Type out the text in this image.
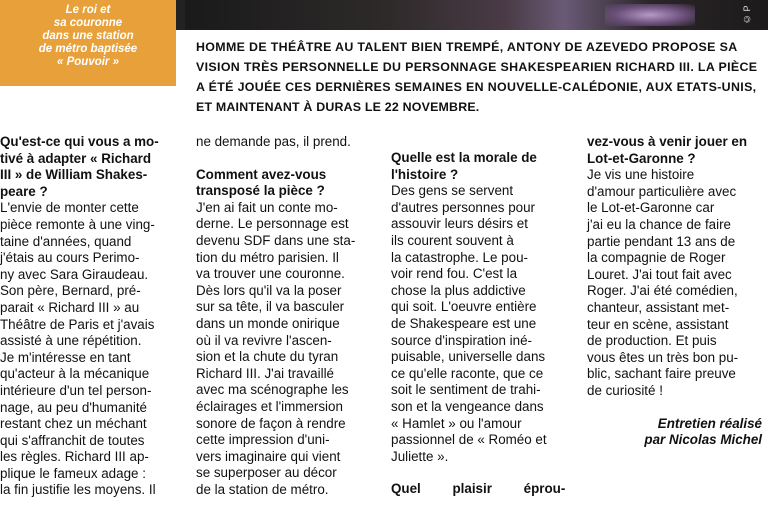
© P
Le roi et
sa couronne
dans une station
de métro baptisée
« Pouvoir »
HOMME DE THÉÂTRE AU TALENT BIEN TREMPÉ, ANTONY DE AZEVEDO PROPOSE SA
VISION TRÈS PERSONNELLE DU PERSONNAGE SHAKESPEARIEN RICHARD III. LA PIÈCE
A ÉTÉ JOUÉE CES DERNIÈRES SEMAINES EN NOUVELLE-CALÉDONIE, AUX ETATS-UNIS,
ET MAINTENANT À DURAS LE 22 NOVEMBRE.
Qu'est-ce qui vous a mo-
tivé à adapter « Richard
III » de William Shakes-
peare ?
L'envie de monter cette
pièce remonte à une ving-
taine d'années, quand
j'étais au cours Perimo-
ny avec Sara Giraudeau.
Son père, Bernard, pré-
parait « Richard III » au
Théâtre de Paris et j'avais
assisté à une répétition.
Je m'intéresse en tant
qu'acteur à la mécanique
intérieure d'un tel person-
nage, au peu d'humanité
restant chez un méchant
qui s'affranchit de toutes
les règles. Richard III ap-
plique le fameux adage :
la fin justifie les moyens. Il
ne demande pas, il prend.
Comment avez-vous
transposé la pièce ?
J'en ai fait un conte mo-
derne. Le personnage est
devenu SDF dans une sta-
tion du métro parisien. Il
va trouver une couronne.
Dès lors qu'il va la poser
sur sa tête, il va basculer
dans un monde onirique
où il va revivre l'ascen-
sion et la chute du tyran
Richard III. J'ai travaillé
avec ma scénographe les
éclairages et l'immersion
sonore de façon à rendre
cette impression d'uni-
vers imaginaire qui vient
se superposer au décor
de la station de métro.
Quelle est la morale de
l'histoire ?
Des gens se servent
d'autres personnes pour
assouvir leurs désirs et
ils courent souvent à
la catastrophe. Le pou-
voir rend fou. C'est la
chose la plus addictive
qui soit. L'oeuvre entière
de Shakespeare est une
source d'inspiration iné-
puisable, universelle dans
ce qu'elle raconte, que ce
soit le sentiment de trahi-
son et la vengeance dans
« Hamlet » ou l'amour
passionnel de « Roméo et
Juliette ».
Quel plaisir éprou-
vez-vous à venir jouer en
Lot-et-Garonne ?
Je vis une histoire
d'amour particulière avec
le Lot-et-Garonne car
j'ai eu la chance de faire
partie pendant 13 ans de
la compagnie de Roger
Louret. J'ai tout fait avec
Roger. J'ai été comédien,
chanteur, assistant met-
teur en scène, assistant
de production. Et puis
vous êtes un très bon pu-
blic, sachant faire preuve
de curiosité !
Entretien réalisé
par Nicolas Michel
